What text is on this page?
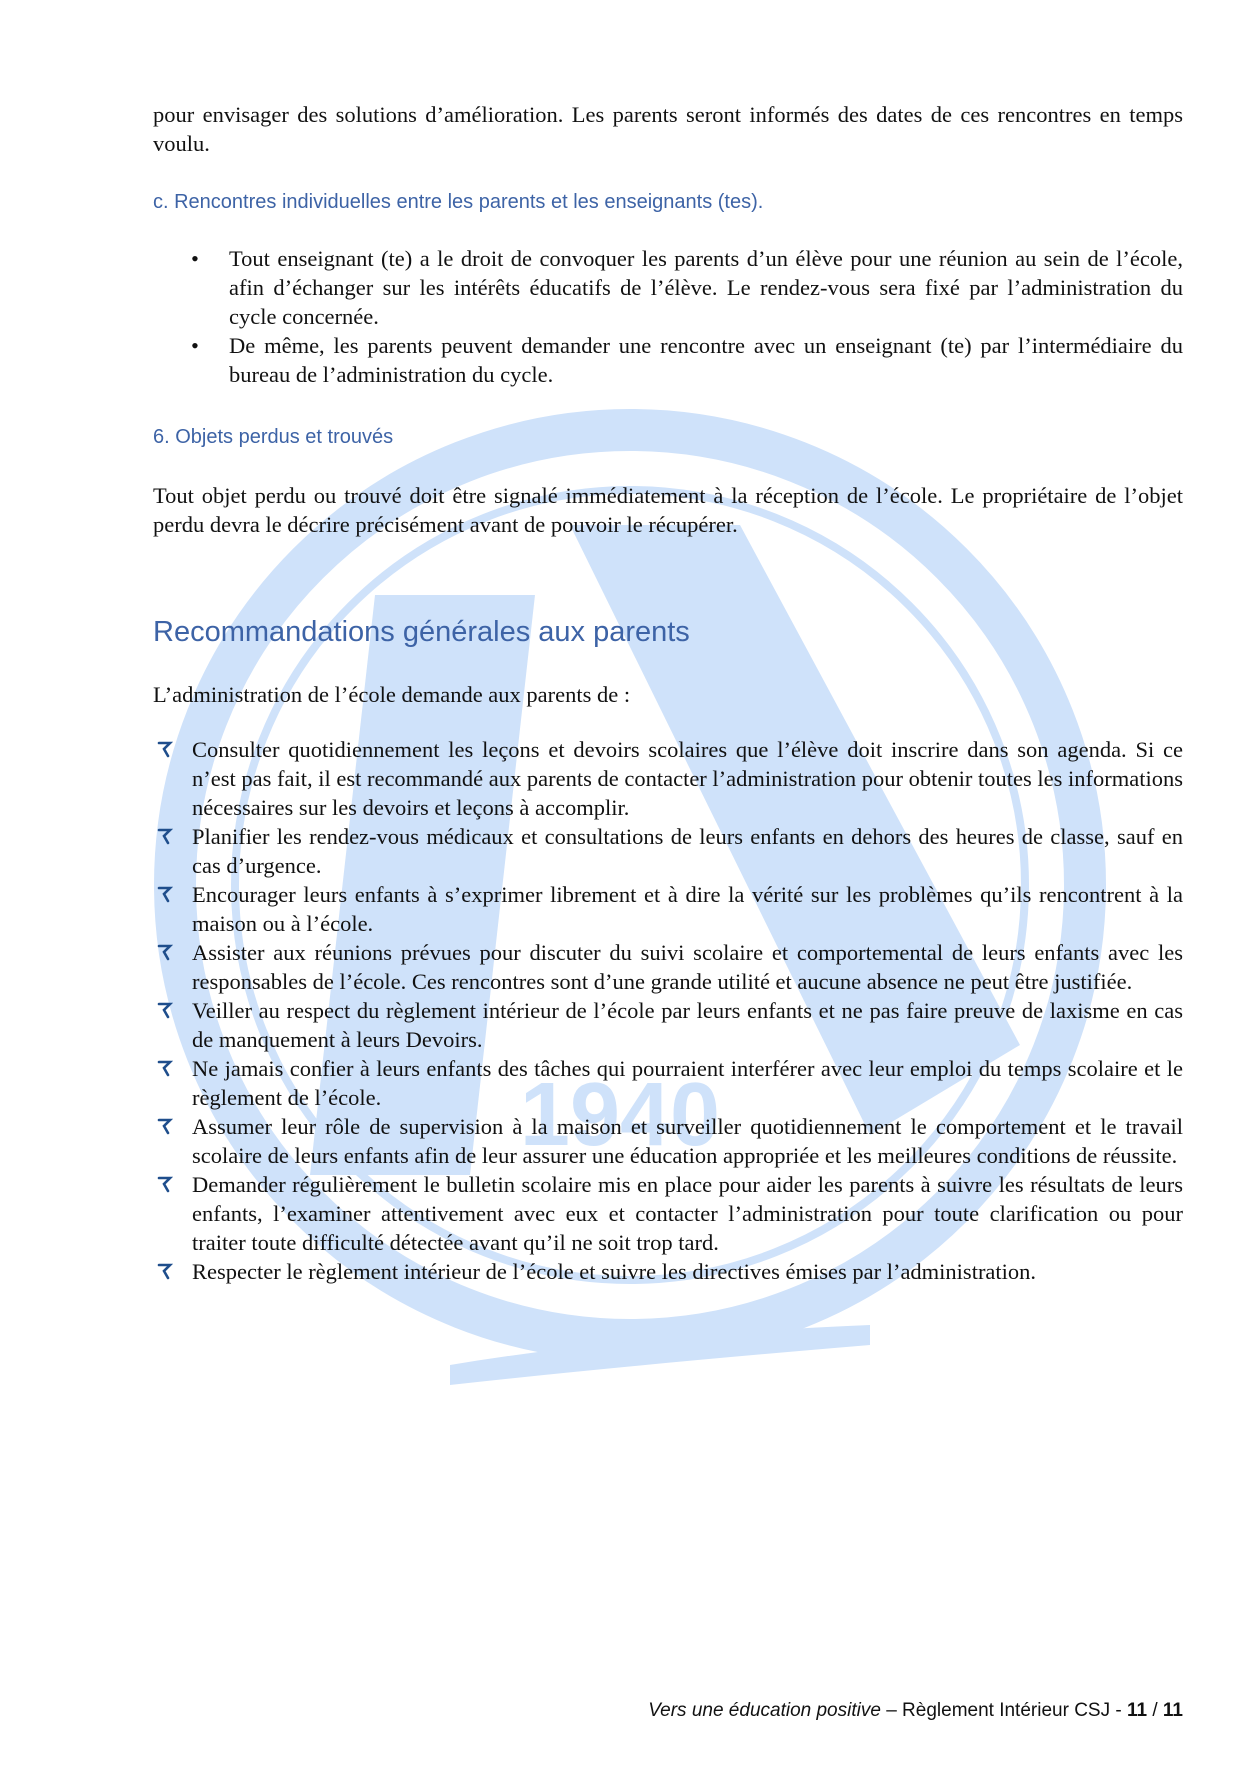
1940

pour envisager des solutions d’amélioration. Les parents seront informés des dates de ces rencontres en temps voulu.

c. Rencontres individuelles entre les parents et les enseignants (tes).

• Tout enseignant (te) a le droit de convoquer les parents d’un élève pour une réunion au sein de l’école, afin d’échanger sur les intérêts éducatifs de l’élève. Le rendez-vous sera fixé par l’administration du cycle concernée.
• De même, les parents peuvent demander une rencontre avec un enseignant (te) par l’intermédiaire du bureau de l’administration du cycle.

6. Objets perdus et trouvés

Tout objet perdu ou trouvé doit être signalé immédiatement à la réception de l’école. Le propriétaire de l’objet perdu devra le décrire précisément avant de pouvoir le récupérer.

Recommandations générales aux parents

L’administration de l’école demande aux parents de :

Consulter quotidiennement les leçons et devoirs scolaires que l’élève doit inscrire dans son agenda. Si ce n’est pas fait, il est recommandé aux parents de contacter l’administration pour obtenir toutes les informations nécessaires sur les devoirs et leçons à accomplir.
Planifier les rendez-vous médicaux et consultations de leurs enfants en dehors des heures de classe, sauf en cas d’urgence.
Encourager leurs enfants à s’exprimer librement et à dire la vérité sur les problèmes qu’ils rencontrent à la maison ou à l’école.
Assister aux réunions prévues pour discuter du suivi scolaire et comportemental de leurs enfants avec les responsables de l’école. Ces rencontres sont d’une grande utilité et aucune absence ne peut être justifiée.
Veiller au respect du règlement intérieur de l’école par leurs enfants et ne pas faire preuve de laxisme en cas de manquement à leurs Devoirs.
Ne jamais confier à leurs enfants des tâches qui pourraient interférer avec leur emploi du temps scolaire et le règlement de l’école.
Assumer leur rôle de supervision à la maison et surveiller quotidiennement le comportement et le travail scolaire de leurs enfants afin de leur assurer une éducation appropriée et les meilleures conditions de réussite.
Demander régulièrement le bulletin scolaire mis en place pour aider les parents à suivre les résultats de leurs enfants, l’examiner attentivement avec eux et contacter l’administration pour toute clarification ou pour traiter toute difficulté détectée avant qu’il ne soit trop tard.
Respecter le règlement intérieur de l’école et suivre les directives émises par l’administration.
Vers une éducation positive – Règlement Intérieur CSJ - 11 / 11
